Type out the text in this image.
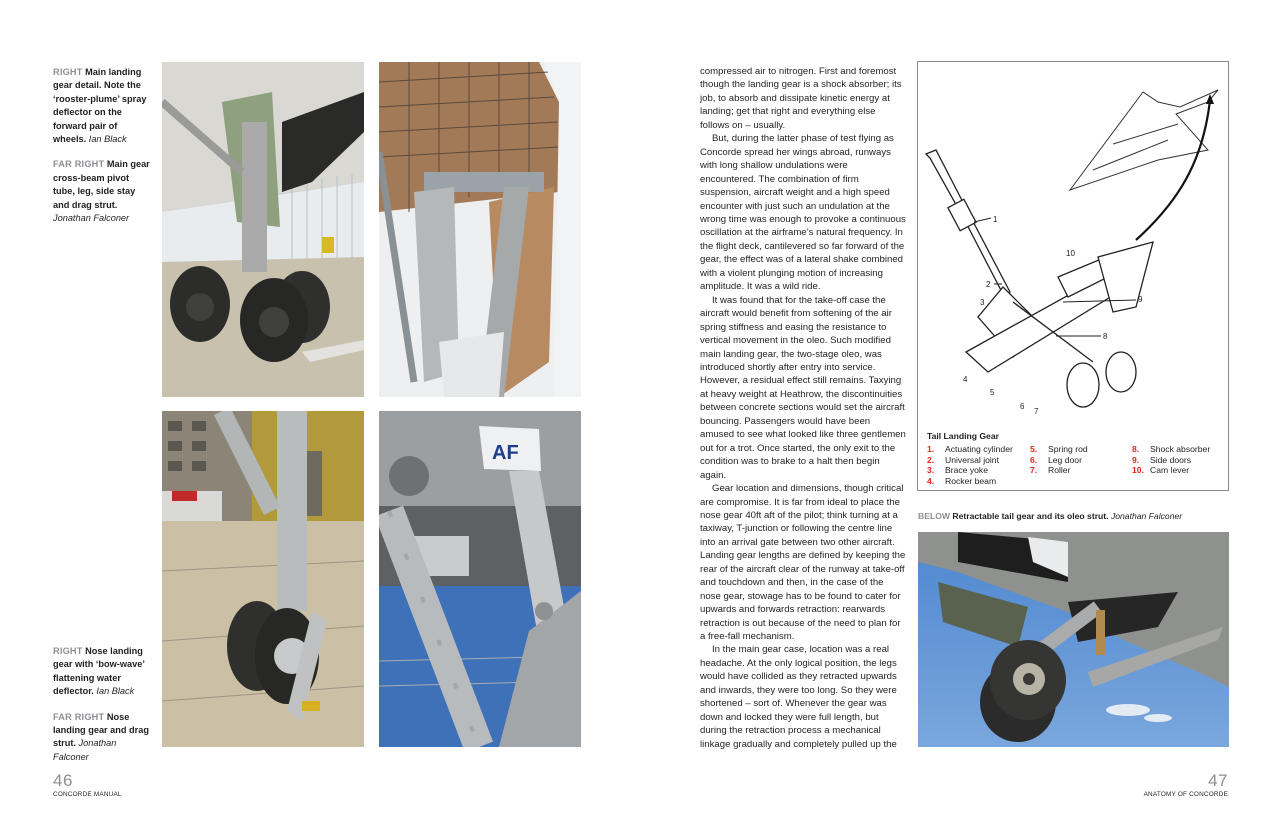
RIGHT Main landing gear detail. Note the ‘rooster-plume’ spray deflector on the forward pair of wheels. Ian Black

FAR RIGHT Main gear cross-beam pivot tube, leg, side stay and drag strut. Jonathan Falconer

RIGHT Nose landing gear with ‘bow-wave’ flattening water deflector. Ian Black

FAR RIGHT Nose landing gear and drag strut. Jonathan Falconer

AF
46
CONCORDE MANUAL

compressed air to nitrogen. First and foremost though the landing gear is a shock absorber; its job, to absorb and dissipate kinetic energy at landing; get that right and everything else follows on – usually.

But, during the latter phase of test flying as Concorde spread her wings abroad, runways with long shallow undulations were encountered. The combination of firm suspension, aircraft weight and a high speed encounter with just such an undulation at the wrong time was enough to provoke a continuous oscillation at the airframe’s natural frequency. In the flight deck, cantilevered so far forward of the gear, the effect was of a lateral shake combined with a violent plunging motion of increasing amplitude. It was a wild ride.

It was found that for the take-off case the aircraft would benefit from softening of the air spring stiffness and easing the resistance to vertical movement in the oleo. Such modified main landing gear, the two-stage oleo, was introduced shortly after entry into service. However, a residual effect still remains. Taxying at heavy weight at Heathrow, the discontinuities between concrete sections would set the aircraft bouncing. Passengers would have been amused to see what looked like three gentlemen out for a trot. Once started, the only exit to the condition was to brake to a halt then begin again.

Gear location and dimensions, though critical are compromise. It is far from ideal to place the nose gear 40ft aft of the pilot; think turning at a taxiway, T-junction or following the centre line into an arrival gate between two other aircraft. Landing gear lengths are defined by keeping the rear of the aircraft clear of the runway at take-off and touchdown and then, in the case of the nose gear, stowage has to be found to cater for upwards and forwards retraction: rearwards retraction is out because of the need to plan for a free-fall mechanism.

In the main gear case, location was a real headache. At the only logical position, the legs would have collided as they retracted upwards and inwards, they were too long. So they were shortened – sort of. Whenever the gear was down and locked they were full length, but during the retraction process a mechanical linkage gradually and completely pulled up the

1
2
3
4
5
6
7
8
10
9
Tail Landing Gear
1. Actuating cylinder
2. Universal joint
3. Brace yoke
4. Rocker beam
5. Spring rod
6. Leg door
7. Roller
8. Shock absorber
9. Side doors
10. Cam lever
BELOW Retractable tail gear and its oleo strut. Jonathan Falconer
47
ANATOMY OF CONCORDE
